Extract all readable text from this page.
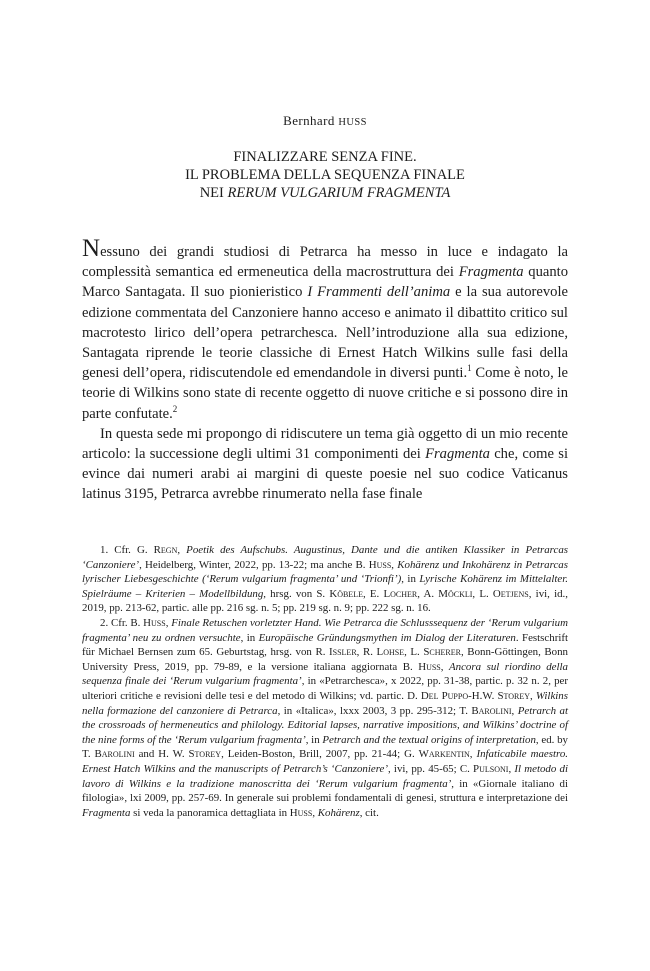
Bernhard HUSS
FINALIZZARE SENZA FINE.
IL PROBLEMA DELLA SEQUENZA FINALE
NEI RERUM VULGARIUM FRAGMENTA

Nessuno dei grandi studiosi di Petrarca ha messo in luce e indagato la complessità semantica ed ermeneutica della macrostruttura dei Fragmenta quanto Marco Santagata. Il suo pionieristico I Frammenti dell’anima e la sua autorevole edizione commentata del Canzoniere hanno acceso e animato il dibattito critico sul macrotesto lirico dell’opera petrarchesca. Nell’introduzione alla sua edizione, Santagata riprende le teorie classiche di Ernest Hatch Wilkins sulle fasi della genesi dell’opera, ridiscutendole ed emendandole in diversi punti.$^1$ Come è noto, le teorie di Wilkins sono state di recente oggetto di nuove critiche e si possono dire in parte confutate.$^2$

In questa sede mi propongo di ridiscutere un tema già oggetto di un mio recente articolo: la successione degli ultimi 31 componimenti dei Fragmenta che, come si evince dai numeri arabi ai margini di queste poesie nel suo codice Vaticanus latinus 3195, Petrarca avrebbe rinumerato nella fase finale

1. Cfr. G. Regn, Poetik des Aufschubs. Augustinus, Dante und die antiken Klassiker in Petrarcas ‘Canzoniere’, Heidelberg, Winter, 2022, pp. 13-22; ma anche B. Huss, Kohärenz und Inkohärenz in Petrarcas lyrischer Liebesgeschichte (‘Rerum vulgarium fragmenta’ und ‘Trionfi’), in Lyrische Kohärenz im Mittelalter. Spielräume – Kriterien – Modellbildung, hrsg. von S. Köbele, E. Locher, A. Möckli, L. Oetjens, ivi, id., 2019, pp. 213-62, partic. alle pp. 216 sg. n. 5; pp. 219 sg. n. 9; pp. 222 sg. n. 16.

2. Cfr. B. Huss, Finale Retuschen vorletzter Hand. Wie Petrarca die Schlusssequenz der ‘Rerum vulgarium fragmenta’ neu zu ordnen versuchte, in Europäische Gründungsmythen im Dialog der Literaturen. Festschrift für Michael Bernsen zum 65. Geburtstag, hrsg. von R. Issler, R. Lohse, L. Scherer, Bonn-Göttingen, Bonn University Press, 2019, pp. 79-89, e la versione italiana aggiornata B. Huss, Ancora sul riordino della sequenza finale dei ‘Rerum vulgarium fragmenta’, in «Petrarchesca», x 2022, pp. 31-38, partic. p. 32 n. 2, per ulteriori critiche e revisioni delle tesi e del metodo di Wilkins; vd. partic. D. Del Puppo-H.W. Storey, Wilkins nella formazione del canzoniere di Petrarca, in «Italica», lxxx 2003, 3 pp. 295-312; T. Barolini, Petrarch at the crossroads of hermeneutics and philology. Editorial lapses, narrative impositions, and Wilkins’ doctrine of the nine forms of the ‘Rerum vulgarium fragmenta’, in Petrarch and the textual origins of interpretation, ed. by T. Barolini and H. W. Storey, Leiden-Boston, Brill, 2007, pp. 21-44; G. Warkentin, Infaticabile maestro. Ernest Hatch Wilkins and the manuscripts of Petrarch’s ‘Canzoniere’, ivi, pp. 45-65; C. Pulsoni, Il metodo di lavoro di Wilkins e la tradizione manoscritta dei ‘Rerum vulgarium fragmenta’, in «Giornale italiano di filologia», lxi 2009, pp. 257-69. In generale sui problemi fondamentali di genesi, struttura e interpretazione dei Fragmenta si veda la panoramica dettagliata in Huss, Kohärenz, cit.
